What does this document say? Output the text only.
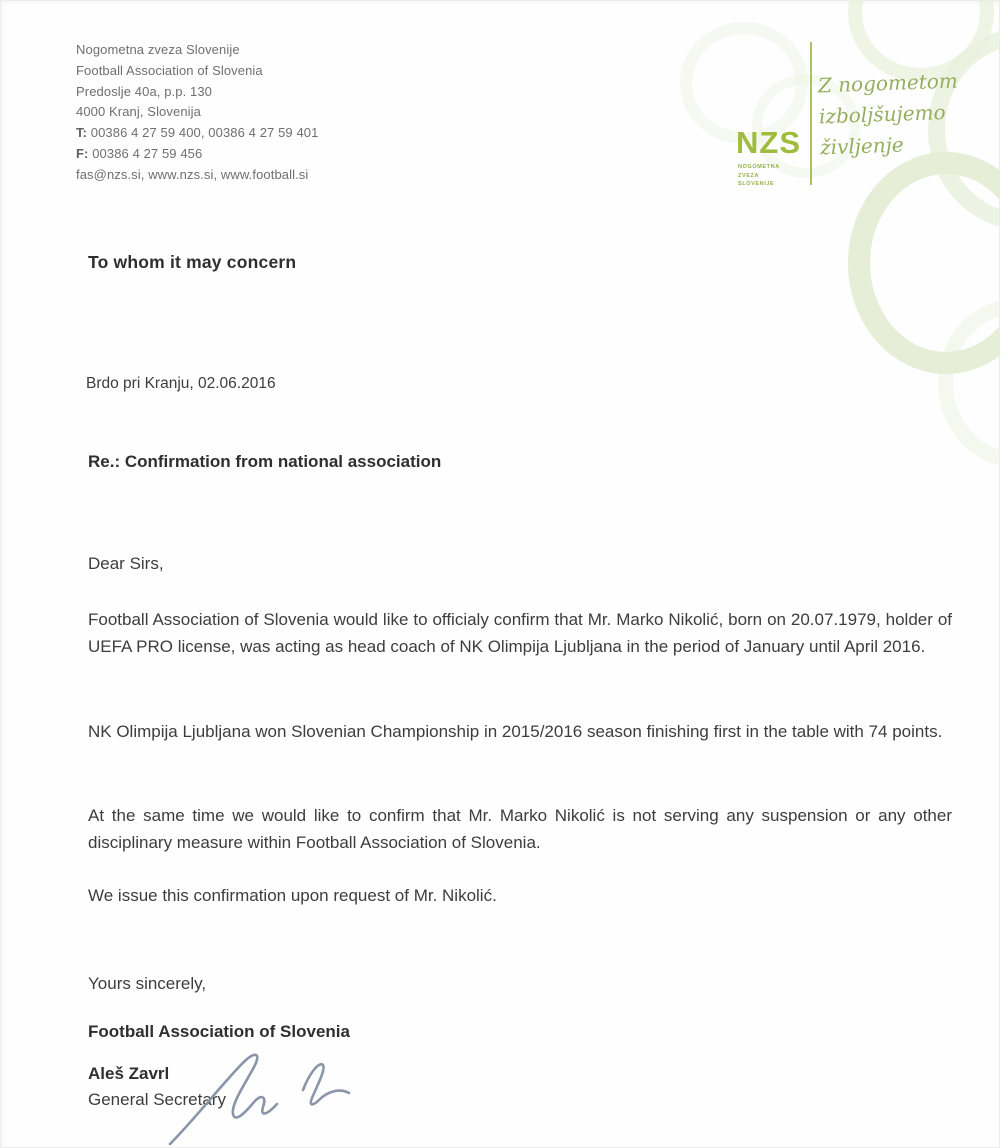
Nogometna zveza Slovenije
Football Association of Slovenia
Predoslje 40a, p.p. 130
4000 Kranj, Slovenija
T: 00386 4 27 59 400, 00386 4 27 59 401
F: 00386 4 27 59 456
fas@nzs.si, www.nzs.si, www.football.si
NZS
NOGOMETNA
ZVEZA
SLOVENIJE
Z nogometom
izboljšujemo
življenje
To whom it may concern
Brdo pri Kranju, 02.06.2016
Re.: Confirmation from national association
Dear Sirs,
Football Association of Slovenia would like to officialy confirm that Mr. Marko Nikolić, born on 20.07.1979, holder of UEFA PRO license, was acting as head coach of NK Olimpija Ljubljana in the period of January until April 2016.
NK Olimpija Ljubljana won Slovenian Championship in 2015/2016 season finishing first in the table with 74 points.
At the same time we would like to confirm that Mr. Marko Nikolić is not serving any suspension or any other disciplinary measure within Football Association of Slovenia.
We issue this confirmation upon request of Mr. Nikolić.
Yours sincerely,
Football Association of Slovenia
Aleš Zavrl
General Secretary
